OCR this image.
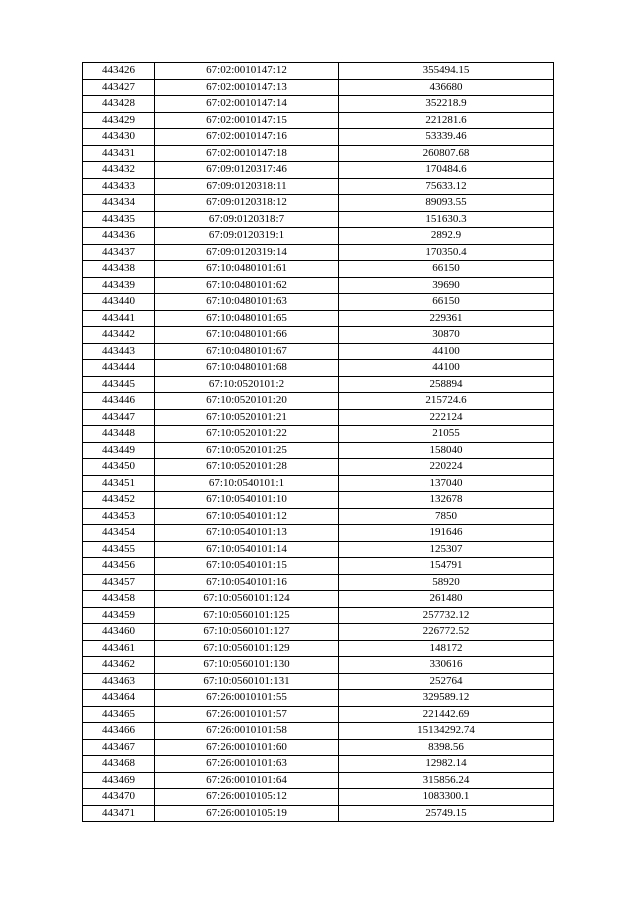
443426	67:02:0010147:12	355494.15
443427	67:02:0010147:13	436680
443428	67:02:0010147:14	352218.9
443429	67:02:0010147:15	221281.6
443430	67:02:0010147:16	53339.46
443431	67:02:0010147:18	260807.68
443432	67:09:0120317:46	170484.6
443433	67:09:0120318:11	75633.12
443434	67:09:0120318:12	89093.55
443435	67:09:0120318:7	151630.3
443436	67:09:0120319:1	2892.9
443437	67:09:0120319:14	170350.4
443438	67:10:0480101:61	66150
443439	67:10:0480101:62	39690
443440	67:10:0480101:63	66150
443441	67:10:0480101:65	229361
443442	67:10:0480101:66	30870
443443	67:10:0480101:67	44100
443444	67:10:0480101:68	44100
443445	67:10:0520101:2	258894
443446	67:10:0520101:20	215724.6
443447	67:10:0520101:21	222124
443448	67:10:0520101:22	21055
443449	67:10:0520101:25	158040
443450	67:10:0520101:28	220224
443451	67:10:0540101:1	137040
443452	67:10:0540101:10	132678
443453	67:10:0540101:12	7850
443454	67:10:0540101:13	191646
443455	67:10:0540101:14	125307
443456	67:10:0540101:15	154791
443457	67:10:0540101:16	58920
443458	67:10:0560101:124	261480
443459	67:10:0560101:125	257732.12
443460	67:10:0560101:127	226772.52
443461	67:10:0560101:129	148172
443462	67:10:0560101:130	330616
443463	67:10:0560101:131	252764
443464	67:26:0010101:55	329589.12
443465	67:26:0010101:57	221442.69
443466	67:26:0010101:58	15134292.74
443467	67:26:0010101:60	8398.56
443468	67:26:0010101:63	12982.14
443469	67:26:0010101:64	315856.24
443470	67:26:0010105:12	1083300.1
443471	67:26:0010105:19	25749.15
